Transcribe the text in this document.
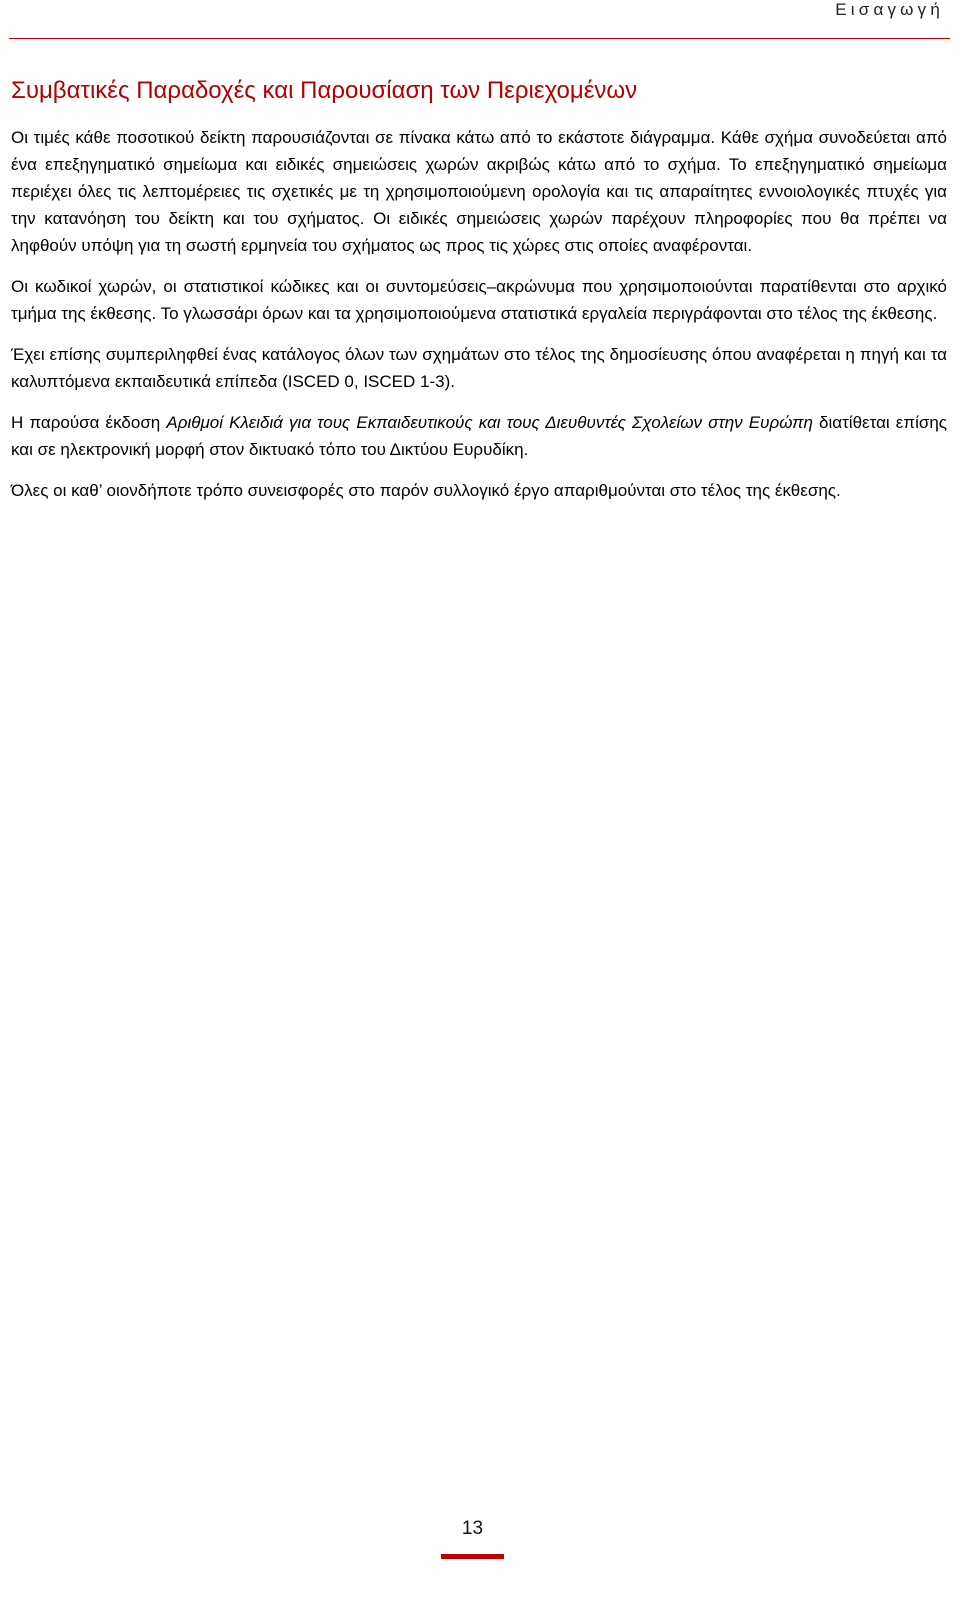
Εισαγωγή
Συμβατικές Παραδοχές και Παρουσίαση των Περιεχομένων

Οι τιμές κάθε ποσοτικού δείκτη παρουσιάζονται σε πίνακα κάτω από το εκάστοτε διάγραμμα. Κάθε σχήμα συνοδεύεται από ένα επεξηγηματικό σημείωμα και ειδικές σημειώσεις χωρών ακριβώς κάτω από το σχήμα. Το επεξηγηματικό σημείωμα περιέχει όλες τις λεπτομέρειες τις σχετικές με τη χρησιμοποιούμενη ορολογία και τις απαραίτητες εννοιολογικές πτυχές για την κατανόηση του δείκτη και του σχήματος. Οι ειδικές σημειώσεις χωρών παρέχουν πληροφορίες που θα πρέπει να ληφθούν υπόψη για τη σωστή ερμηνεία του σχήματος ως προς τις χώρες στις οποίες αναφέρονται.

Οι κωδικοί χωρών, οι στατιστικοί κώδικες και οι συντομεύσεις–ακρώνυμα που χρησιμοποιούνται παρατίθενται στο αρχικό τμήμα της έκθεσης. Το γλωσσάρι όρων και τα χρησιμοποιούμενα στατιστικά εργαλεία περιγράφονται στο τέλος της έκθεσης.

Έχει επίσης συμπεριληφθεί ένας κατάλογος όλων των σχημάτων στο τέλος της δημοσίευσης όπου αναφέρεται η πηγή και τα καλυπτόμενα εκπαιδευτικά επίπεδα (ISCED 0, ISCED 1-3).

Η παρούσα έκδοση Αριθμοί Κλειδιά για τους Εκπαιδευτικούς και τους Διευθυντές Σχολείων στην Ευρώπη διατίθεται επίσης και σε ηλεκτρονική μορφή στον δικτυακό τόπο του Δικτύου Ευρυδίκη.

Όλες οι καθ’ οιονδήποτε τρόπο συνεισφορές στο παρόν συλλογικό έργο απαριθμούνται στο τέλος της έκθεσης.

13
